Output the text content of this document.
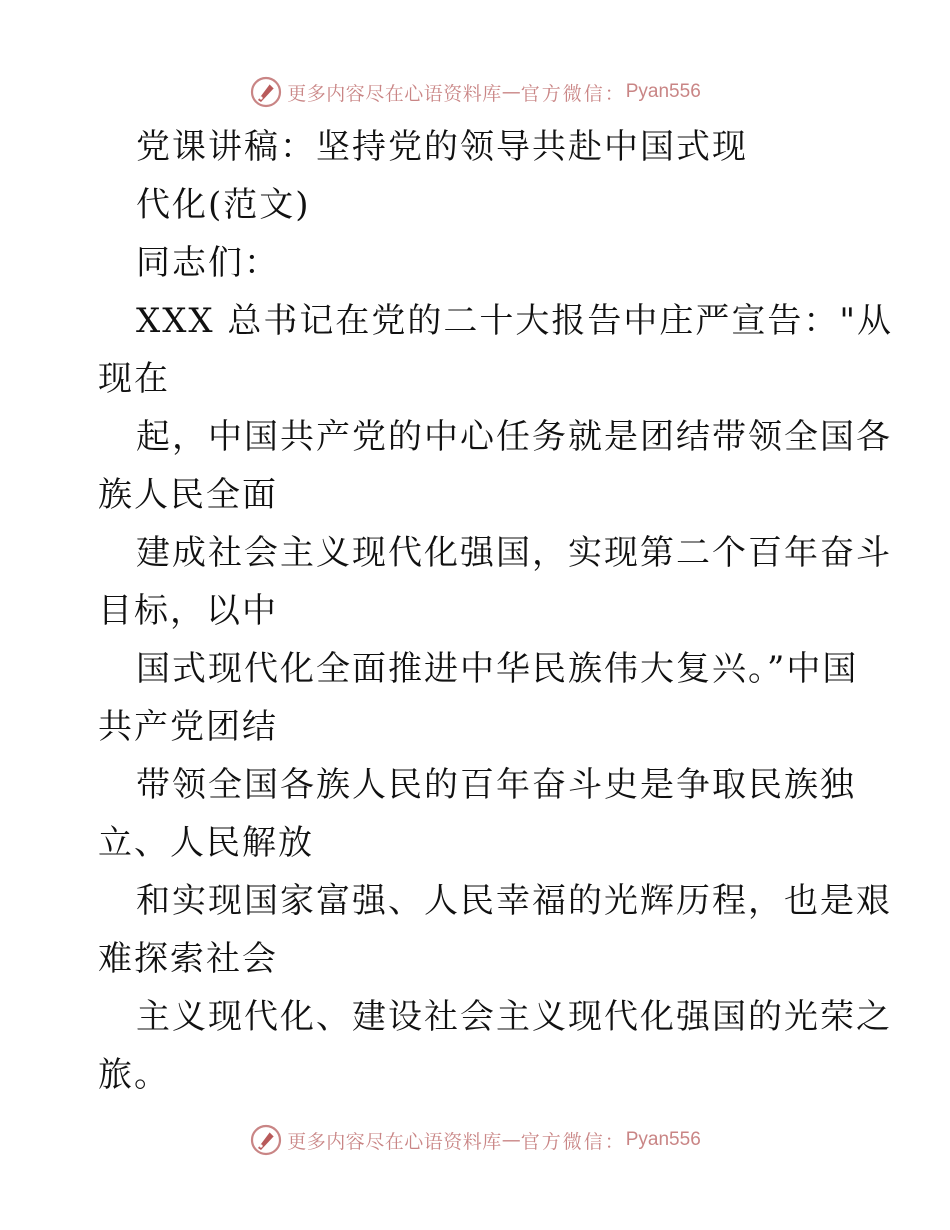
更多内容尽在心语资料库 — 官方微信： Pyan556
党课讲稿：坚持党的领导共赴中国式现
代化(范文)
同志们：
XXX 总书记在党的二十大报告中庄严宣告："从
现在
起，中国共产党的中心任务就是团结带领全国各
族人民全面
建成社会主义现代化强国，实现第二个百年奋斗
目标，以中
国式现代化全面推进中华民族伟大复兴。”中国
共产党团结
带领全国各族人民的百年奋斗史是争取民族独
立、人民解放
和实现国家富强、人民幸福的光辉历程，也是艰
难探索社会
主义现代化、建设社会主义现代化强国的光荣之
旅。
更多内容尽在心语资料库 — 官方微信： Pyan556
